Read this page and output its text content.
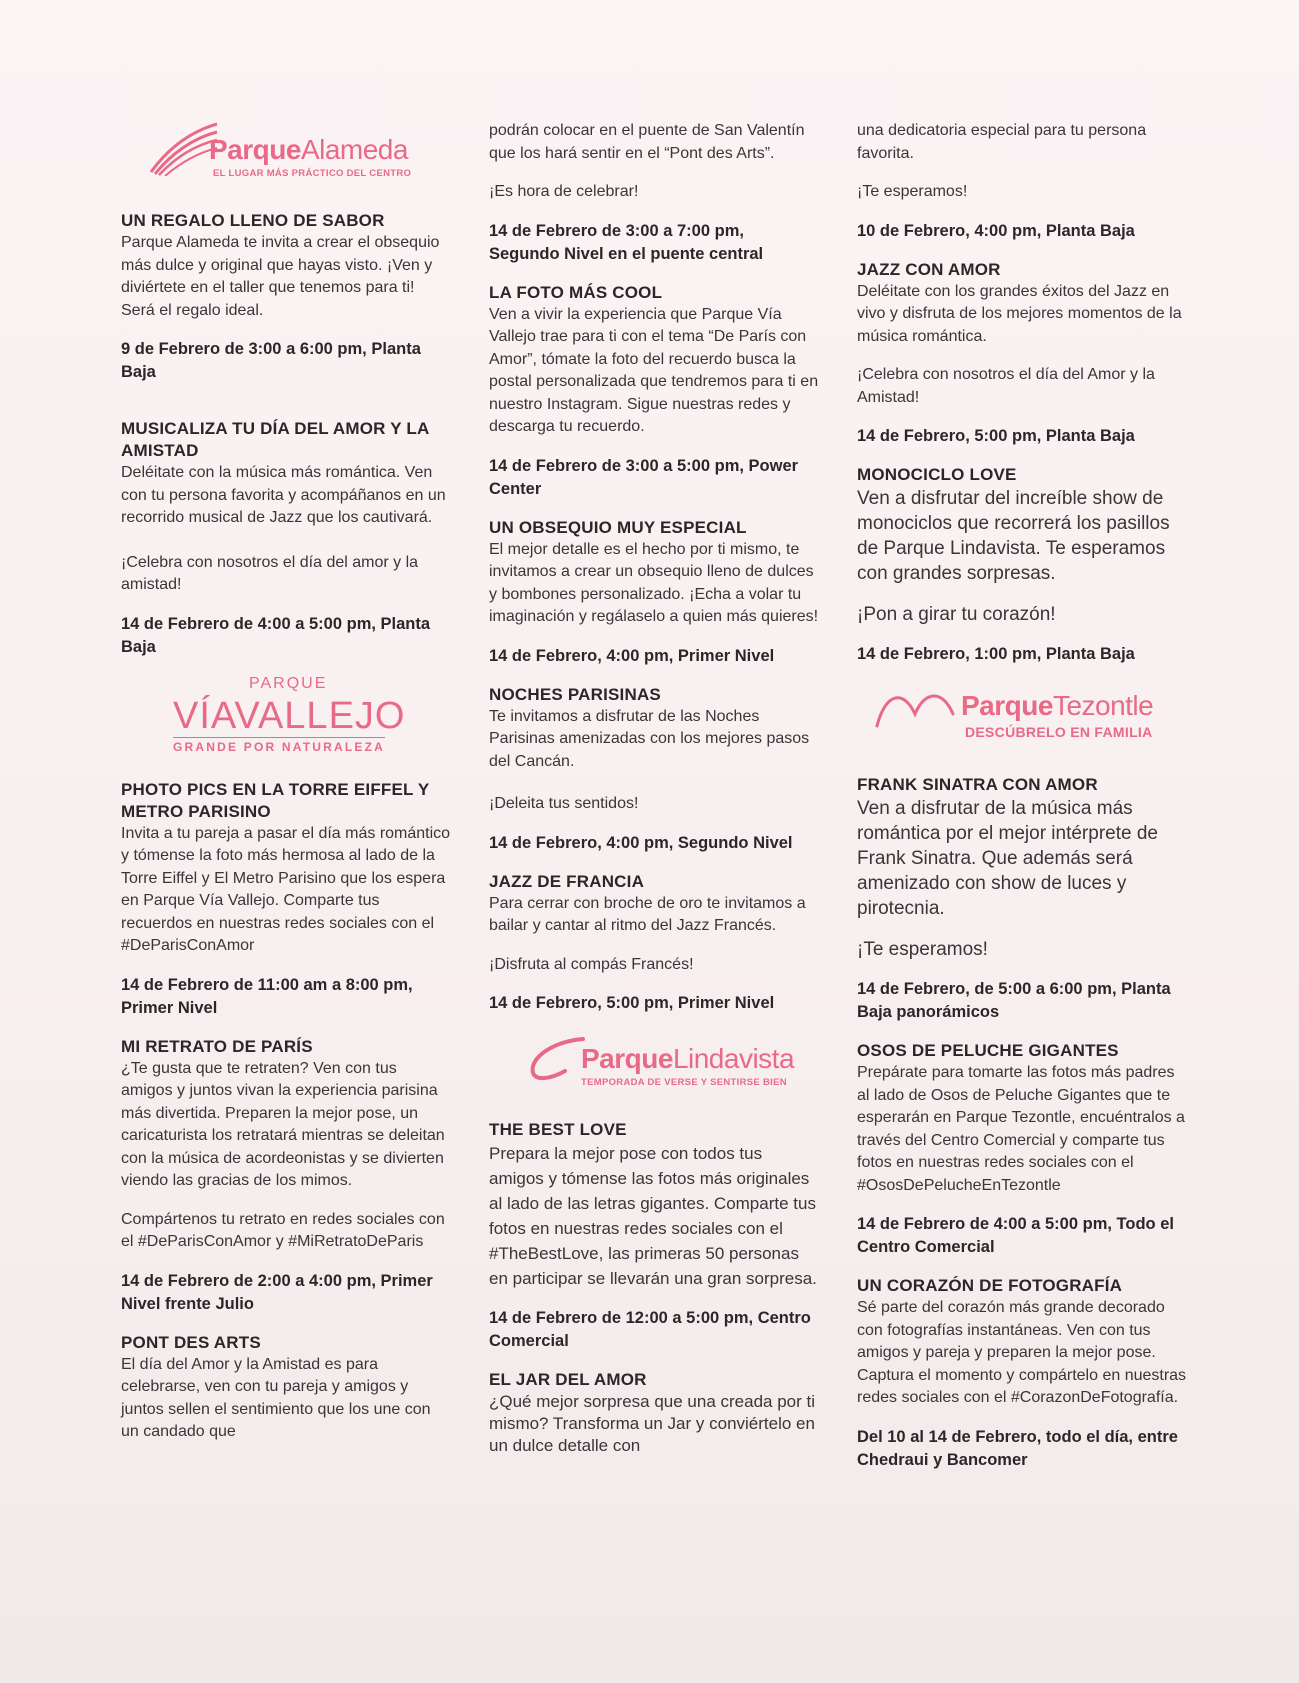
ParqueAlameda
EL LUGAR MÁS PRÁCTICO DEL CENTRO
UN REGALO LLENO DE SABOR

Parque Alameda te invita a crear el obsequio más dulce y original que hayas visto. ¡Ven y diviértete en el taller que tenemos para ti! Será el regalo ideal.

9 de Febrero de 3:00 a 6:00 pm, Planta Baja

MUSICALIZA TU DÍA DEL AMOR Y LA AMISTAD

Deléitate con la música más romántica. Ven con tu persona favorita y acompáñanos en un recorrido musical de Jazz que los cautivará.

¡Celebra con nosotros el día del amor y la amistad!

14 de Febrero de 4:00 a 5:00 pm, Planta Baja

PARQUE
VÍAVALLEJO
GRANDE POR NATURALEZA
PHOTO PICS EN LA TORRE EIFFEL Y METRO PARISINO

Invita a tu pareja a pasar el día más romántico y tómense la foto más hermosa al lado de la Torre Eiffel y El Metro Parisino que los espera en Parque Vía Vallejo. Comparte tus recuerdos en nuestras redes sociales con el #DeParisConAmor

14 de Febrero de 11:00 am a 8:00 pm, Primer Nivel

MI RETRATO DE PARÍS

¿Te gusta que te retraten? Ven con tus amigos y juntos vivan la experiencia parisina más divertida. Preparen la mejor pose, un caricaturista los retratará mientras se deleitan con la música de acordeonistas y se divierten viendo las gracias de los mimos.

Compártenos tu retrato en redes sociales con el #DeParisConAmor y #MiRetratoDeParis

14 de Febrero de 2:00 a 4:00 pm, Primer Nivel frente Julio

PONT DES ARTS

El día del Amor y la Amistad es para celebrarse, ven con tu pareja y amigos y juntos sellen el sentimiento que los une con un candado que

podrán colocar en el puente de San Valentín que los hará sentir en el “Pont des Arts”.

¡Es hora de celebrar!

14 de Febrero de 3:00 a 7:00 pm, Segundo Nivel en el puente central

LA FOTO MÁS COOL

Ven a vivir la experiencia que Parque Vía Vallejo trae para ti con el tema “De París con Amor”, tómate la foto del recuerdo busca la postal personalizada que tendremos para ti en nuestro Instagram. Sigue nuestras redes y descarga tu recuerdo.

14 de Febrero de 3:00 a 5:00 pm, Power Center

UN OBSEQUIO MUY ESPECIAL

El mejor detalle es el hecho por ti mismo, te invitamos a crear un obsequio lleno de dulces y bombones personalizado. ¡Echa a volar tu imaginación y regálaselo a quien más quieres!

14 de Febrero, 4:00 pm, Primer Nivel

NOCHES PARISINAS

Te invitamos a disfrutar de las Noches Parisinas amenizadas con los mejores pasos del Cancán.

¡Deleita tus sentidos!

14 de Febrero, 4:00 pm, Segundo Nivel

JAZZ DE FRANCIA

Para cerrar con broche de oro te invitamos a bailar y cantar al ritmo del Jazz Francés.

¡Disfruta al compás Francés!

14 de Febrero, 5:00 pm, Primer Nivel

ParqueLindavista
TEMPORADA DE VERSE Y SENTIRSE BIEN
THE BEST LOVE

Prepara la mejor pose con todos tus amigos y tómense las fotos más originales al lado de las letras gigantes. Comparte tus fotos en nuestras redes sociales con el #TheBestLove, las primeras 50 personas en participar se llevarán una gran sorpresa.

14 de Febrero de 12:00 a 5:00 pm, Centro Comercial

EL JAR DEL AMOR

¿Qué mejor sorpresa que una creada por ti mismo? Transforma un Jar y conviértelo en un dulce detalle con

una dedicatoria especial para tu persona favorita.

¡Te esperamos!

10 de Febrero, 4:00 pm, Planta Baja

JAZZ CON AMOR

Deléitate con los grandes éxitos del Jazz en vivo y disfruta de los mejores momentos de la música romántica.

¡Celebra con nosotros el día del Amor y la Amistad!

14 de Febrero, 5:00 pm, Planta Baja

MONOCICLO LOVE

Ven a disfrutar del increíble show de monociclos que recorrerá los pasillos de Parque Lindavista. Te esperamos con grandes sorpresas.

¡Pon a girar tu corazón!

14 de Febrero, 1:00 pm, Planta Baja

ParqueTezontle
DESCÚBRELO EN FAMILIA
FRANK SINATRA CON AMOR

Ven a disfrutar de la música más romántica por el mejor intérprete de Frank Sinatra. Que además será amenizado con show de luces y pirotecnia.

¡Te esperamos!

14 de Febrero, de 5:00 a 6:00 pm, Planta Baja panorámicos

OSOS DE PELUCHE GIGANTES

Prepárate para tomarte las fotos más padres al lado de Osos de Peluche Gigantes que te esperarán en Parque Tezontle, encuéntralos a través del Centro Comercial y comparte tus fotos en nuestras redes sociales con el #OsosDePelucheEnTezontle

14 de Febrero de 4:00 a 5:00 pm, Todo el Centro Comercial

UN CORAZÓN DE FOTOGRAFÍA

Sé parte del corazón más grande decorado con fotografías instantáneas. Ven con tus amigos y pareja y preparen la mejor pose. Captura el momento y compártelo en nuestras redes sociales con el #CorazonDeFotografía.

Del 10 al 14 de Febrero, todo el día, entre Chedraui y Bancomer
